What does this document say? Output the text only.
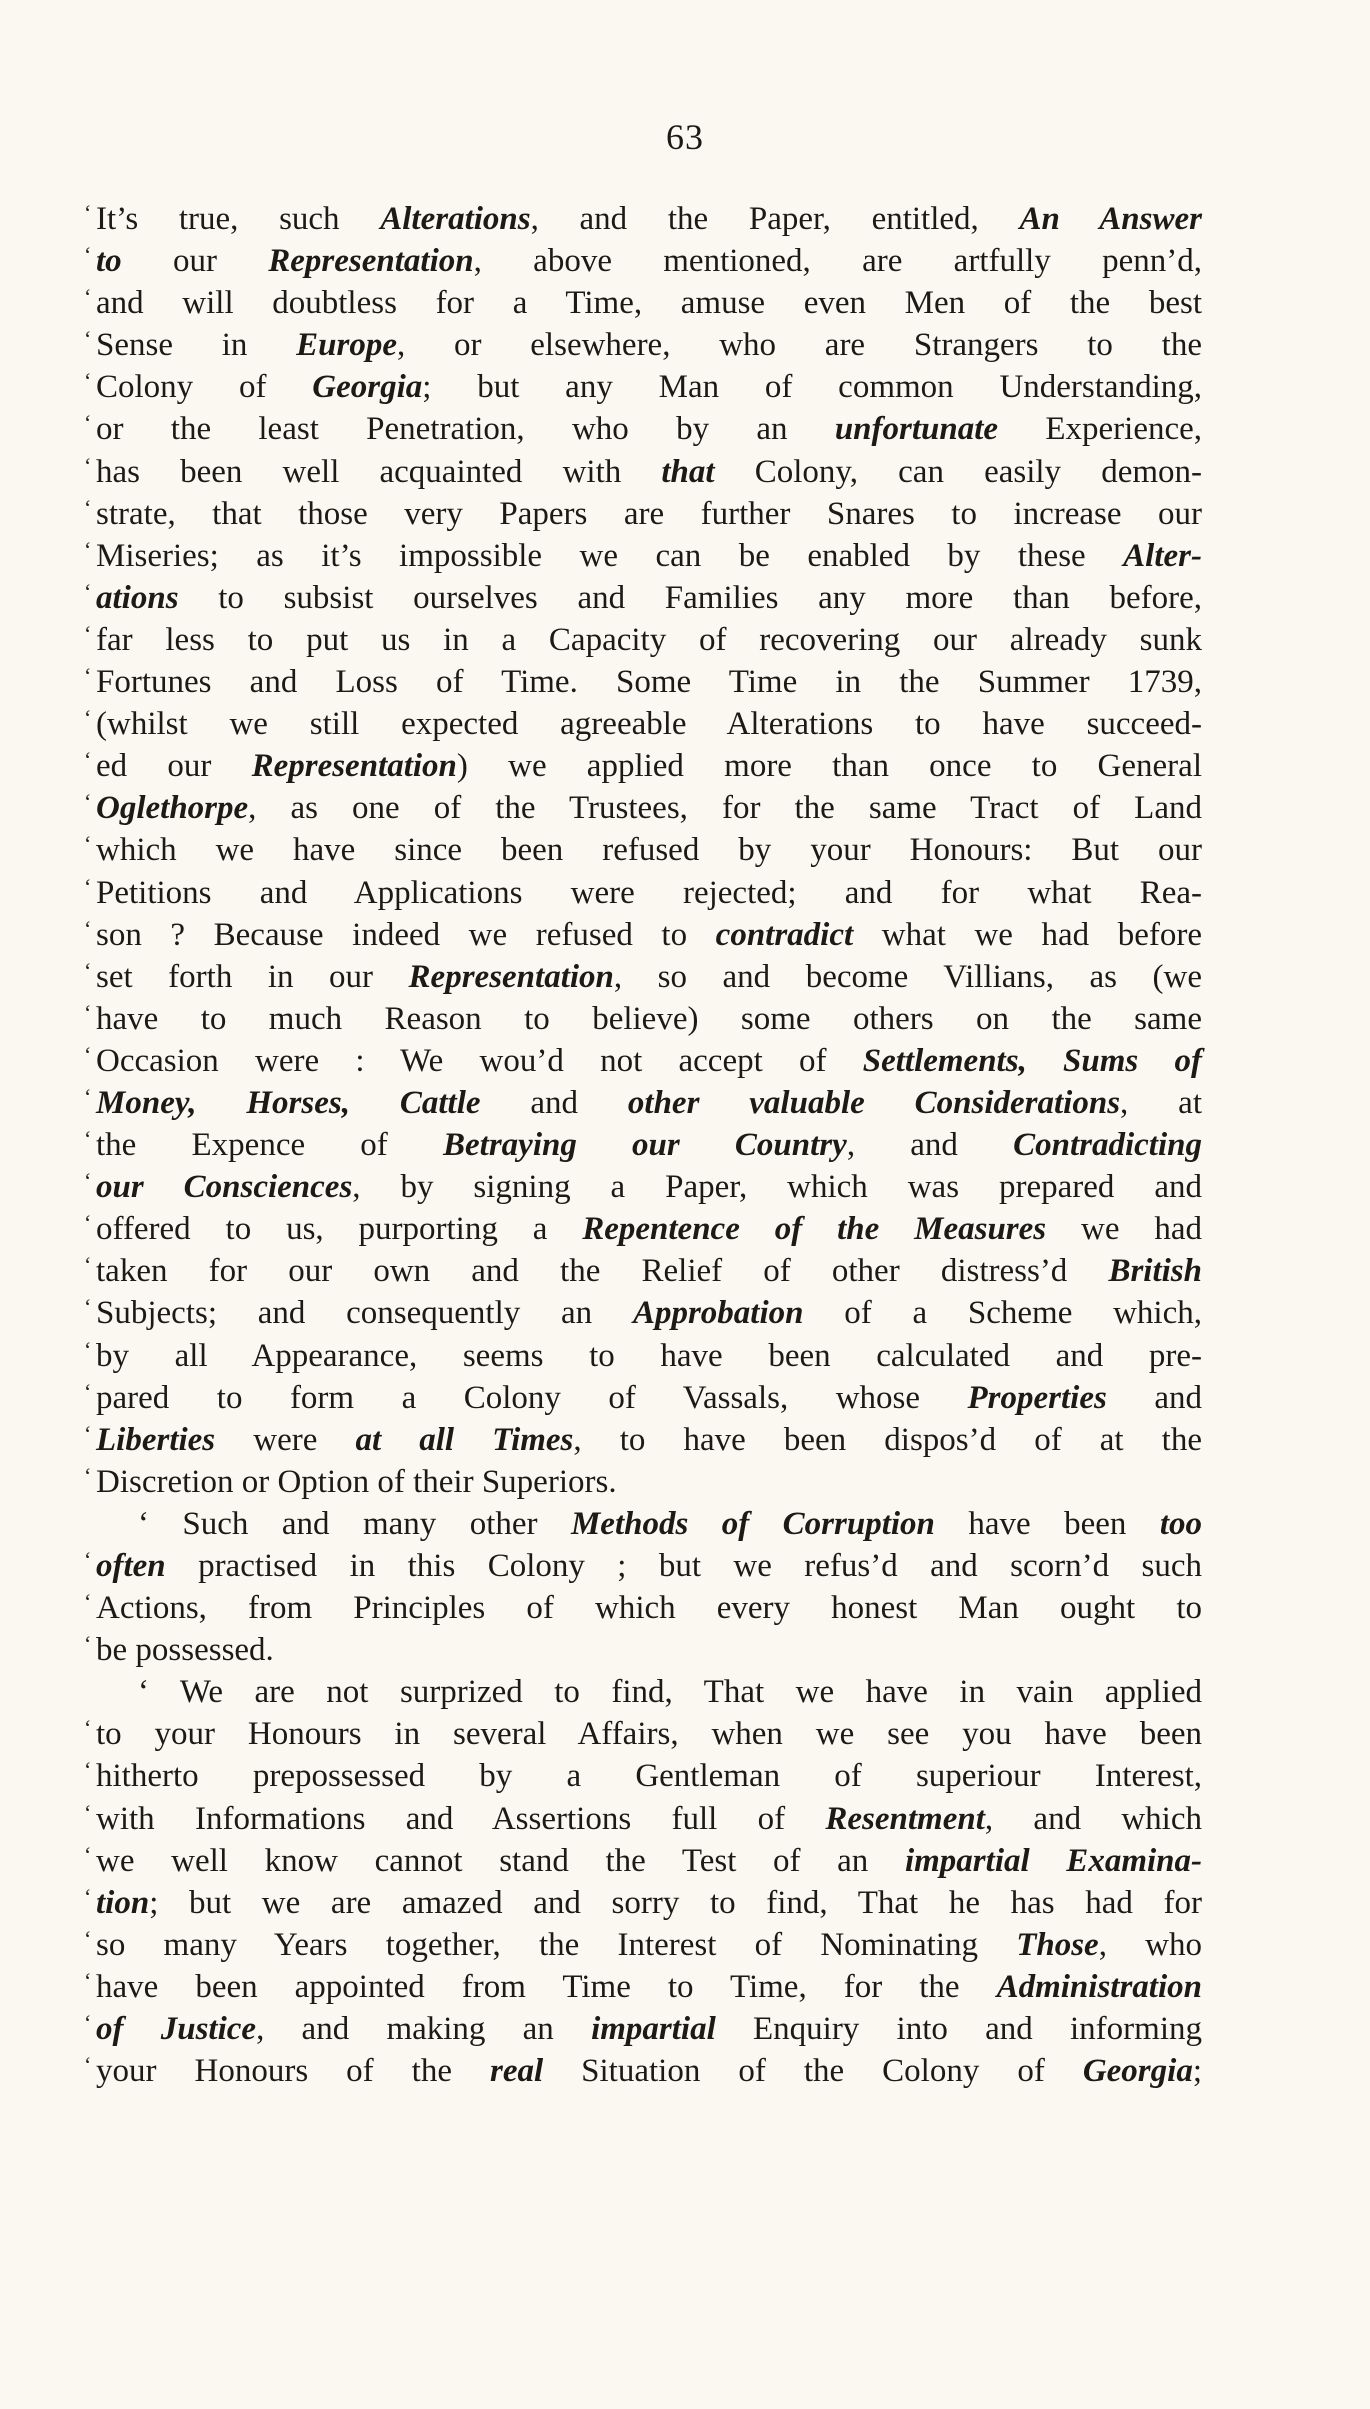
63
‘ It’s true, such Alterations, and the Paper, entitled, An Answer
‘ to our Representation, above mentioned, are artfully penn’d,
‘ and will doubtless for a Time, amuse even Men of the best
‘ Sense in Europe, or elsewhere, who are Strangers to the
‘ Colony of Georgia; but any Man of common Understanding,
‘ or the least Penetration, who by an unfortunate Experience,
‘ has been well acquainted with that Colony, can easily demon-
‘ strate, that those very Papers are further Snares to increase our
‘ Miseries; as it’s impossible we can be enabled by these Alter-
‘ ations to subsist ourselves and Families any more than before,
‘ far less to put us in a Capacity of recovering our already sunk
‘ Fortunes and Loss of Time. Some Time in the Summer 1739,
‘ (whilst we still expected agreeable Alterations to have succeed-
‘ ed our Representation) we applied more than once to General
‘ Oglethorpe, as one of the Trustees, for the same Tract of Land
‘ which we have since been refused by your Honours: But our
‘ Petitions and Applications were rejected; and for what Rea-
‘ son ? Because indeed we refused to contradict what we had before
‘ set forth in our Representation, so and become Villians, as (we
‘ have to much Reason to believe) some others on the same
‘ Occasion were : We wou’d not accept of Settlements, Sums of
‘ Money, Horses, Cattle and other valuable Considerations, at
‘ the Expence of Betraying our Country, and Contradicting
‘ our Consciences, by signing a Paper, which was prepared and
‘ offered to us, purporting a Repentence of the Measures we had
‘ taken for our own and the Relief of other distress’d British
‘ Subjects; and consequently an Approbation of a Scheme which,
‘ by all Appearance, seems to have been calculated and pre-
‘ pared to form a Colony of Vassals, whose Properties and
‘ Liberties were at all Times, to have been dispos’d of at the
‘ Discretion or Option of their Superiors.
‘ Such and many other Methods of Corruption have been too
‘ often practised in this Colony ; but we refus’d and scorn’d such
‘ Actions, from Principles of which every honest Man ought to
‘ be possessed.
‘ We are not surprized to find, That we have in vain applied
‘ to your Honours in several Affairs, when we see you have been
‘ hitherto prepossessed by a Gentleman of superiour Interest,
‘ with Informations and Assertions full of Resentment, and which
‘ we well know cannot stand the Test of an impartial Examina-
‘ tion; but we are amazed and sorry to find, That he has had for
‘ so many Years together, the Interest of Nominating Those, who
‘ have been appointed from Time to Time, for the Administration
‘ of Justice, and making an impartial Enquiry into and informing
‘ your Honours of the real Situation of the Colony of Georgia;
